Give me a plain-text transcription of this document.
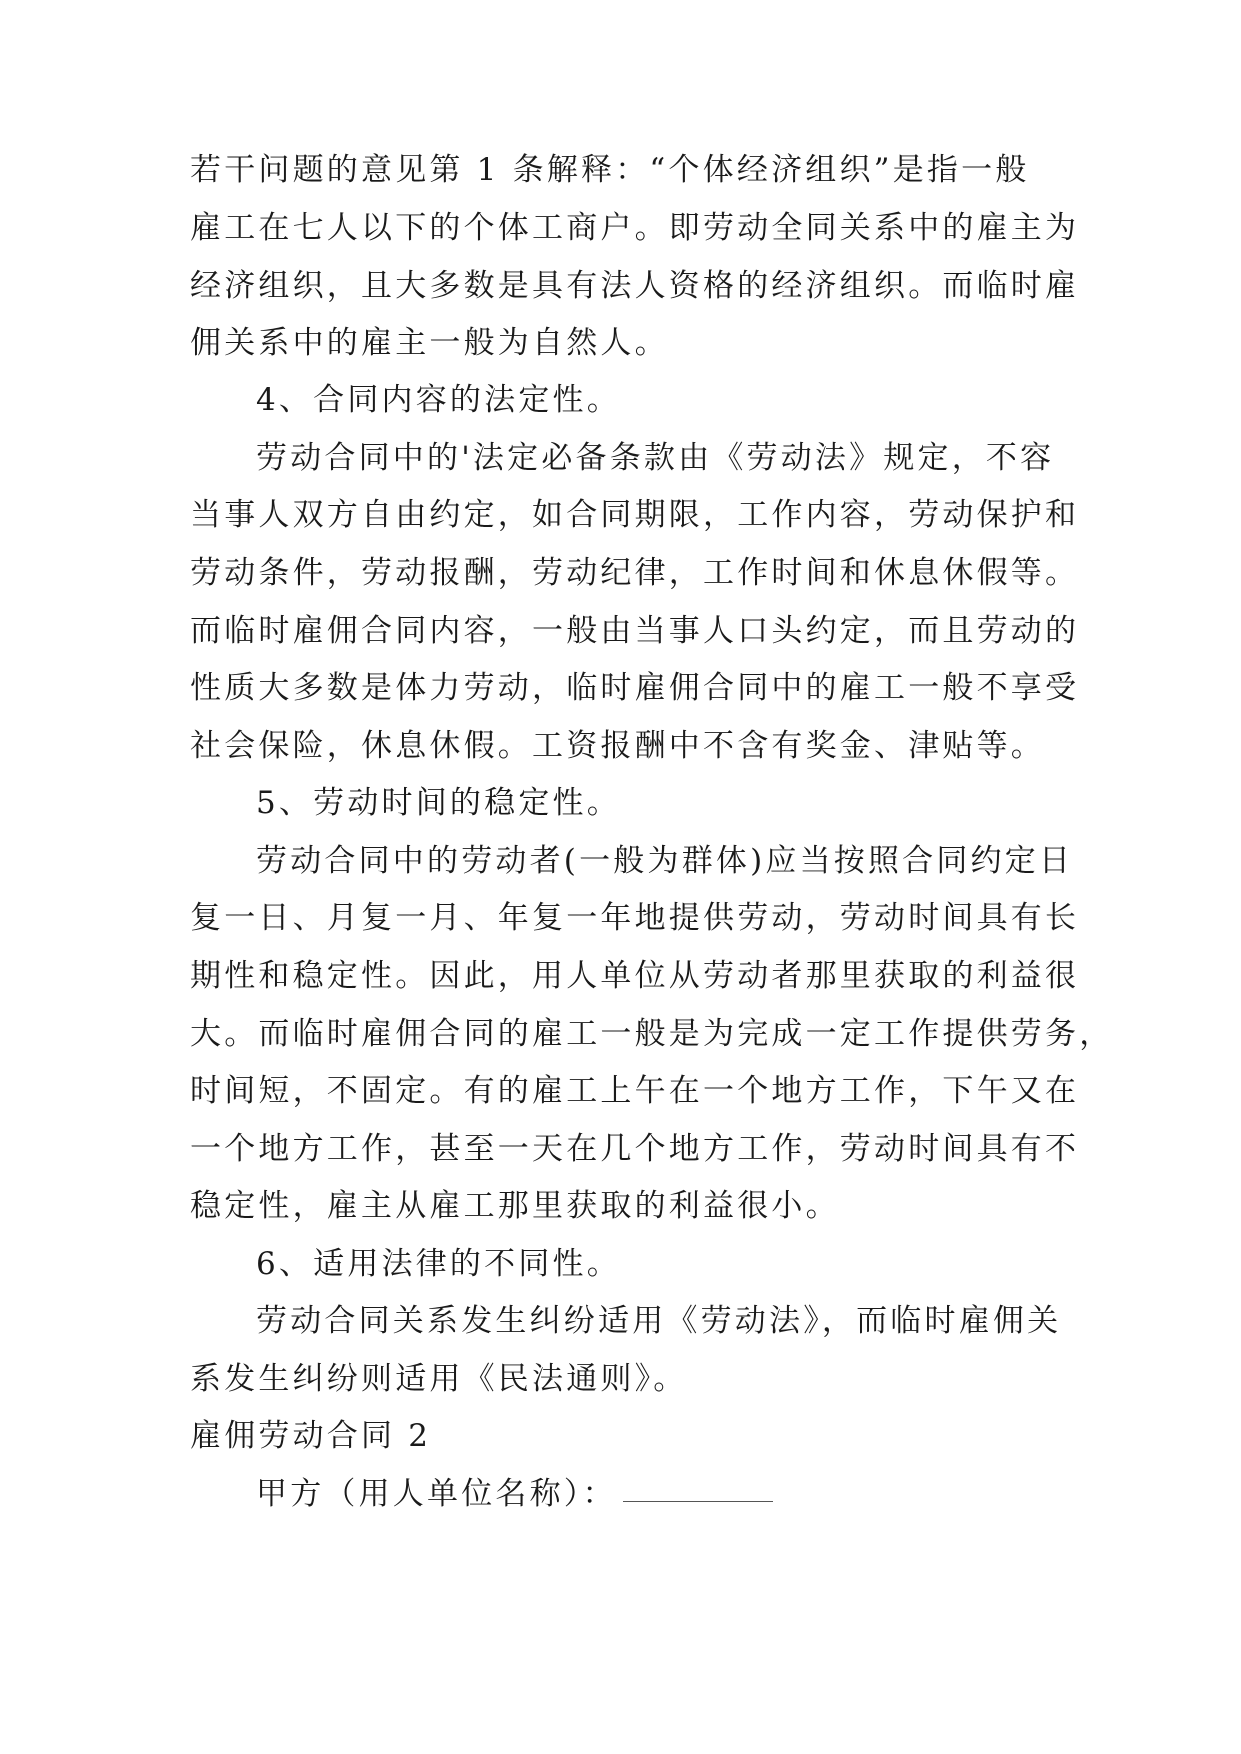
若干问题的意见第 1 条解释：“个体经济组织”是指一般
雇工在七人以下的个体工商户。即劳动全同关系中的雇主为
经济组织，且大多数是具有法人资格的经济组织。而临时雇
佣关系中的雇主一般为自然人。
4、合同内容的法定性。
劳动合同中的'法定必备条款由《劳动法》规定，不容
当事人双方自由约定，如合同期限，工作内容，劳动保护和
劳动条件，劳动报酬，劳动纪律，工作时间和休息休假等。
而临时雇佣合同内容，一般由当事人口头约定，而且劳动的
性质大多数是体力劳动，临时雇佣合同中的雇工一般不享受
社会保险，休息休假。工资报酬中不含有奖金、津贴等。
5、劳动时间的稳定性。
劳动合同中的劳动者(一般为群体)应当按照合同约定日
复一日、月复一月、年复一年地提供劳动，劳动时间具有长
期性和稳定性。因此，用人单位从劳动者那里获取的利益很
大。而临时雇佣合同的雇工一般是为完成一定工作提供劳务，
时间短，不固定。有的雇工上午在一个地方工作，下午又在
一个地方工作，甚至一天在几个地方工作，劳动时间具有不
稳定性，雇主从雇工那里获取的利益很小。
6、适用法律的不同性。
劳动合同关系发生纠纷适用《劳动法》，而临时雇佣关
系发生纠纷则适用《民法通则》。
雇佣劳动合同 2
甲方（用人单位名称）：
